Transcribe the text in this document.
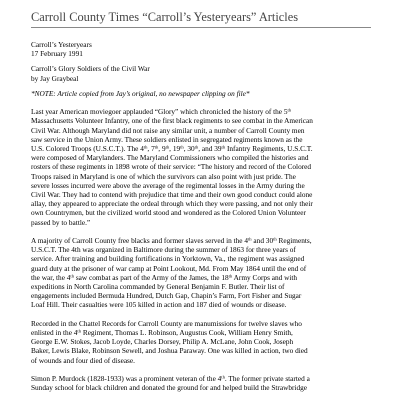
Carroll County Times “Carroll’s Yesteryears” Articles

Carroll’s Yesteryears
17 February 1991

Carroll’s Glory Soldiers of the Civil War
by Jay Graybeal

*NOTE: Article copied from Jay’s original, no newspaper clipping on file*

Last year American moviegoer applauded “Glory” which chronicled the history of the 5th
Massachusetts Volunteer Infantry, one of the first black regiments to see combat in the American
Civil War. Although Maryland did not raise any similar unit, a number of Carroll County men
saw service in the Union Army. These soldiers enlisted in segregated regiments known as the
U.S. Colored Troops (U.S.C.T.). The 4th, 7th, 9th, 19th, 30th, and 39th Infantry Regiments, U.S.C.T.
were composed of Marylanders. The Maryland Commissioners who compiled the histories and
rosters of these regiments in 1898 wrote of their service: “The history and record of the Colored
Troops raised in Maryland is one of which the survivors can also point with just pride. The
severe losses incurred were above the average of the regimental losses in the Army during the
Civil War. They had to contend with prejudice that time and their own good conduct could alone
allay, they appeared to appreciate the ordeal through which they were passing, and not only their
own Countrymen, but the civilized world stood and wondered as the Colored Union Volunteer
passed by to battle.”

A majority of Carroll County free blacks and former slaves served in the 4th and 30th Regiments,
U.S.C.T. The 4th was organized in Baltimore during the summer of 1863 for three years of
service. After training and building fortifications in Yorktown, Va., the regiment was assigned
guard duty at the prisoner of war camp at Point Lookout, Md. From May 1864 until the end of
the war, the 4th saw combat as part of the Army of the James, the 18th Army Corps and with
expeditions in North Carolina commanded by General Benjamin F. Butler. Their list of
engagements included Bermuda Hundred, Dutch Gap, Chapin’s Farm, Fort Fisher and Sugar
Loaf Hill. Their casualties were 105 killed in action and 187 died of wounds or disease.

Recorded in the Chattel Records for Carroll County are manumissions for twelve slaves who
enlisted in the 4th Regiment, Thomas L. Robinson, Augustus Cook, William Henry Smith,
George E.W. Stokes, Jacob Loyde, Charles Dorsey, Philip A. McLane, John Cook, Joseph
Baker, Lewis Blake, Robinson Sewell, and Joshua Paraway. One was killed in action, two died
of wounds and four died of disease.

Simon P. Murdock (1828-1933) was a prominent veteran of the 4th. The former private started a
Sunday school for black children and donated the ground for and helped build the Strawbridge
